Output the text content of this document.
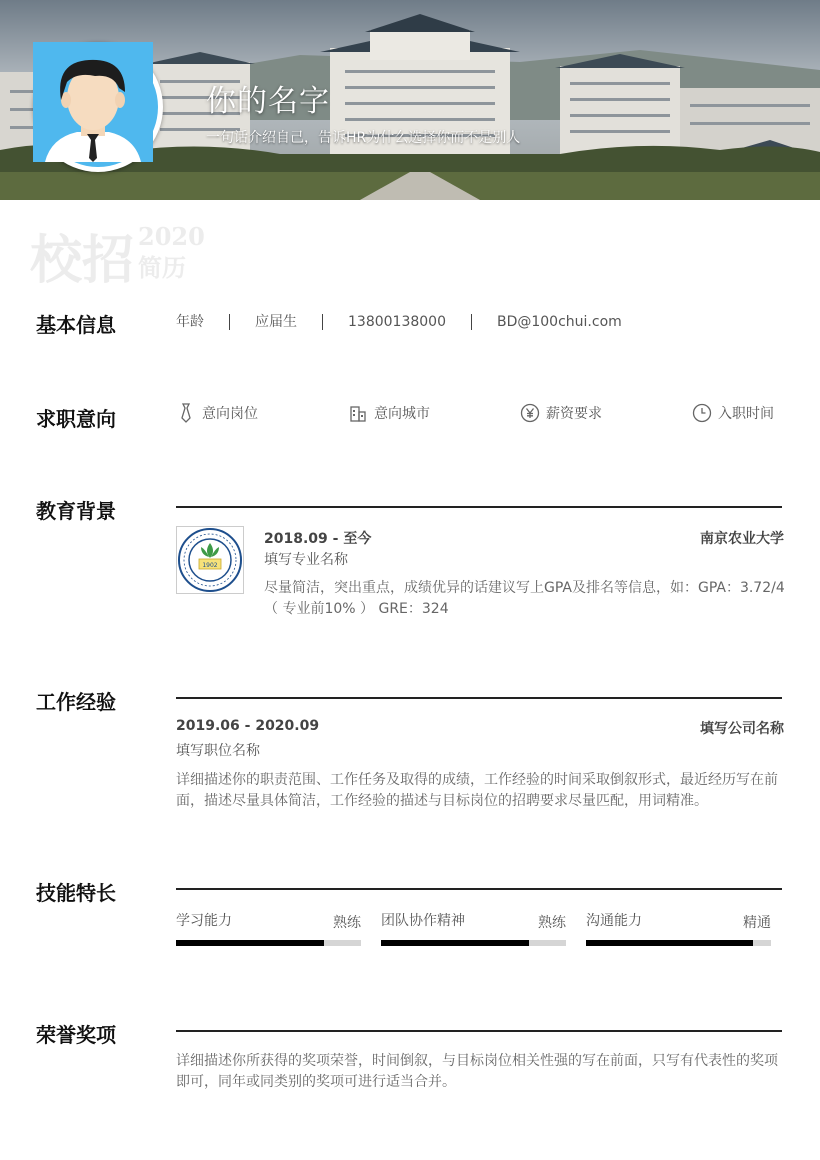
你的名字
一句话介绍自己，告诉HR为什么选择你而不是别人
校招 2020
简历
基本信息	年龄	应届生	13800138000	BD@100chui.com
求职意向	意向岗位	意向城市	薪资要求	入职时间
教育背景
1902
2018.09 - 至今	南京农业大学
填写专业名称
尽量简洁，突出重点，成绩优异的话建议写上GPA及排名等信息，如：GPA：3.72/4
（ 专业前10% ） GRE：324
工作经验
2019.06 - 2020.09	填写公司名称
填写职位名称
详细描述你的职责范围、工作任务及取得的成绩，工作经验的时间采取倒叙形式，最近经历写在前
面，描述尽量具体简洁，工作经验的描述与目标岗位的招聘要求尽量匹配，用词精准。
技能特长
学习能力	熟练 团队协作精神	熟练 沟通能力	精通
荣誉奖项
详细描述你所获得的奖项荣誉，时间倒叙，与目标岗位相关性强的写在前面，只写有代表性的奖项
即可，同年或同类别的奖项可进行适当合并。
